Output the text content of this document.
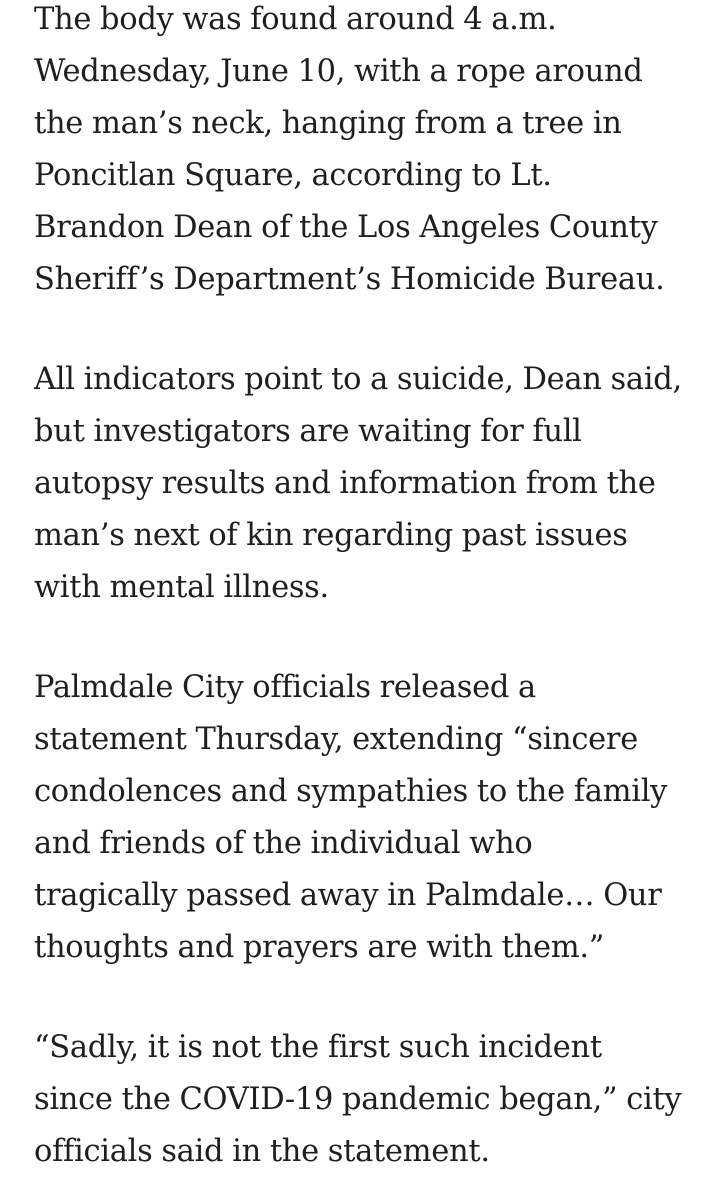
The body was found around 4 a.m.
Wednesday, June 10, with a rope around
the man’s neck, hanging from a tree in
Poncitlan Square, according to Lt.
Brandon Dean of the Los Angeles County
Sheriff’s Department’s Homicide Bureau.

All indicators point to a suicide, Dean said,
but investigators are waiting for full
autopsy results and information from the
man’s next of kin regarding past issues
with mental illness.

Palmdale City officials released a
statement Thursday, extending “sincere
condolences and sympathies to the family
and friends of the individual who
tragically passed away in Palmdale… Our
thoughts and prayers are with them.”

“Sadly, it is not the first such incident
since the COVID-19 pandemic began,” city
officials said in the statement.
